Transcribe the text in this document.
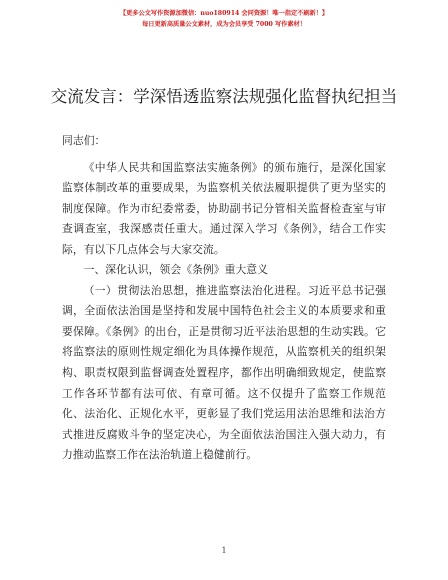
【更多公文写作资源加微信：nuo180914 会同资源！唯一指定不刷新！】
每日更新高质量公文素材，成为会员享受 7000 写作素材！
交流发言：学深悟透监察法规强化监督执纪担当

同志们：

《中华人民共和国监察法实施条例》的颁布施行，是深化国家监察体制改革的重要成果，为监察机关依法履职提供了更为坚实的制度保障。作为市纪委常委，协助副书记分管相关监督检查室与审查调查室，我深感责任重大。通过深入学习《条例》，结合工作实际，有以下几点体会与大家交流。

一、深化认识，领会《条例》重大意义

（一）贯彻法治思想，推进监察法治化进程。习近平总书记强调，全面依法治国是坚持和发展中国特色社会主义的本质要求和重要保障。《条例》的出台，正是贯彻习近平法治思想的生动实践。它将监察法的原则性规定细化为具体操作规范，从监察机关的组织架构、职责权限到监督调查处置程序，都作出明确细致规定，使监察工作各环节都有法可依、有章可循。这不仅提升了监察工作规范化、法治化、正规化水平，更彰显了我们党运用法治思维和法治方式推进反腐败斗争的坚定决心，为全面依法治国注入强大动力，有力推动监察工作在法治轨道上稳健前行。

1
